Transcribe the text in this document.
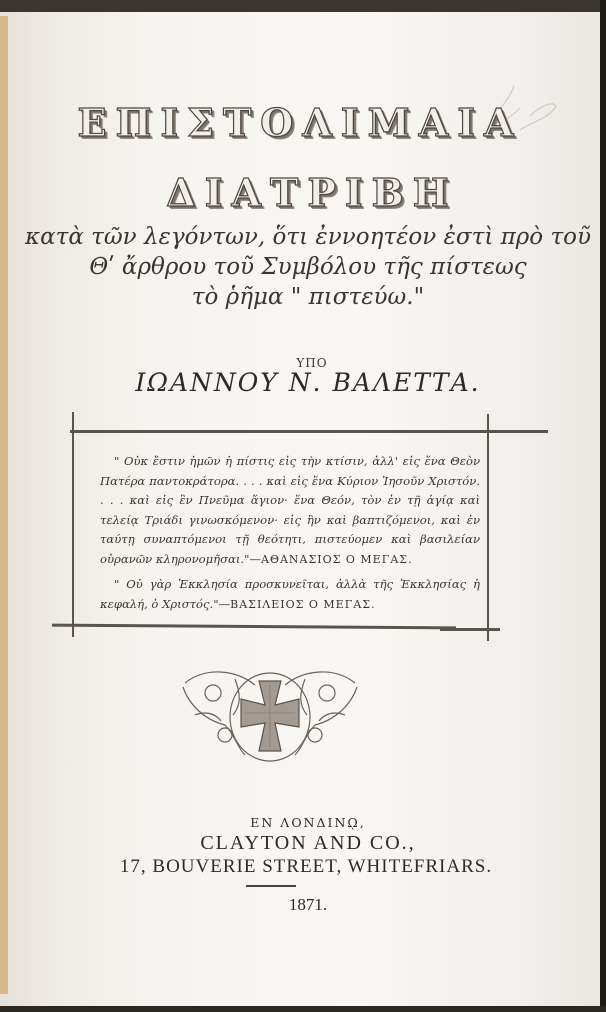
ΕΠΙΣΤΟΛΙΜΑΙΑ
ΔΙΑΤΡΙΒΗ
κατὰ τῶν λεγόντων, ὅτι ἐννοητέον ἐστὶ πρὸ τοῦ
Θʹ ἄρθρου τοῦ Συμβόλου τῆς πίστεως
τὸ ῥῆμα " πιστεύω."
ΥΠΟ
ΙΩΑΝΝΟΥ Ν. ΒΑΛΕΤΤΑ.

" Οὐκ ἔστιν ἡμῶν ἡ πίστις εἰς τὴν κτίσιν, ἀλλ' εἰς ἕνα Θεὸν Πατέρα παντοκράτορα. . . . καὶ εἰς ἕνα Κύριον Ἰησοῦν Χριστόν. . . . καὶ εἰς ἓν Πνεῦμα ἅγιον· ἕνα Θεόν, τὸν ἐν τῇ ἁγίᾳ καὶ τελείᾳ Τριάδι γινωσκόμενον· εἰς ἣν καὶ βαπτιζόμενοι, καὶ ἐν ταύτῃ συναπτόμενοι τῇ θεότητι, πιστεύομεν καὶ βασιλείαν οὐρανῶν κληρονομῆσαι."—ΑΘΑΝΑΣΙΟΣ Ο ΜΕΓΑΣ.

" Οὐ γὰρ Ἐκκλησία προσκυνεῖται, ἀλλὰ τῆς Ἐκκλησίας ἡ κεφαλή, ὁ Χριστός."—ΒΑΣΙΛΕΙΟΣ Ο ΜΕΓΑΣ.

ΕΝ ΛΟΝΔΙΝῼ,
CLAYTON AND CO.,
17, BOUVERIE STREET, WHITEFRIARS.
1871.
